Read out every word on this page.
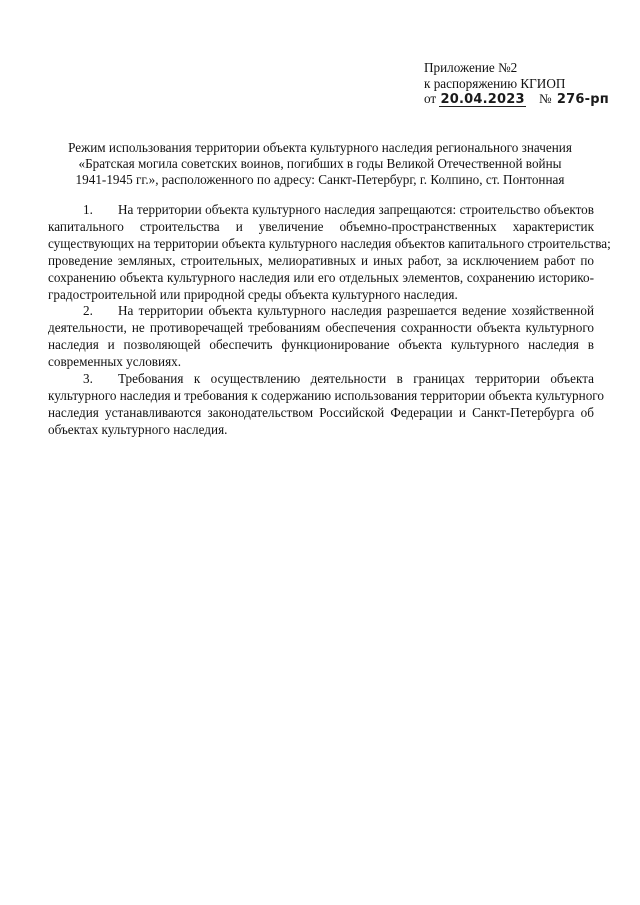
Приложение №2
к распоряжению КГИОП
от 20.04.2023 № 276-рп
Режим использования территории объекта культурного наследия регионального значения
«Братская могила советских воинов, погибших в годы Великой Отечественной войны
1941-1945 гг.», расположенного по адресу: Санкт-Петербург, г. Колпино, ст. Понтонная
1. На территории объекта культурного наследия запрещаются: строительство объектов
капитального строительства и увеличение объемно-пространственных характеристик
существующих на территории объекта культурного наследия объектов капитального строительства;
проведение земляных, строительных, мелиоративных и иных работ, за исключением работ по
сохранению объекта культурного наследия или его отдельных элементов, сохранению историко-
градостроительной или природной среды объекта культурного наследия.
2. На территории объекта культурного наследия разрешается ведение хозяйственной
деятельности, не противоречащей требованиям обеспечения сохранности объекта культурного
наследия и позволяющей обеспечить функционирование объекта культурного наследия в
современных условиях.
3. Требования к осуществлению деятельности в границах территории объекта
культурного наследия и требования к содержанию использования территории объекта культурного
наследия устанавливаются законодательством Российской Федерации и Санкт-Петербурга об
объектах культурного наследия.
